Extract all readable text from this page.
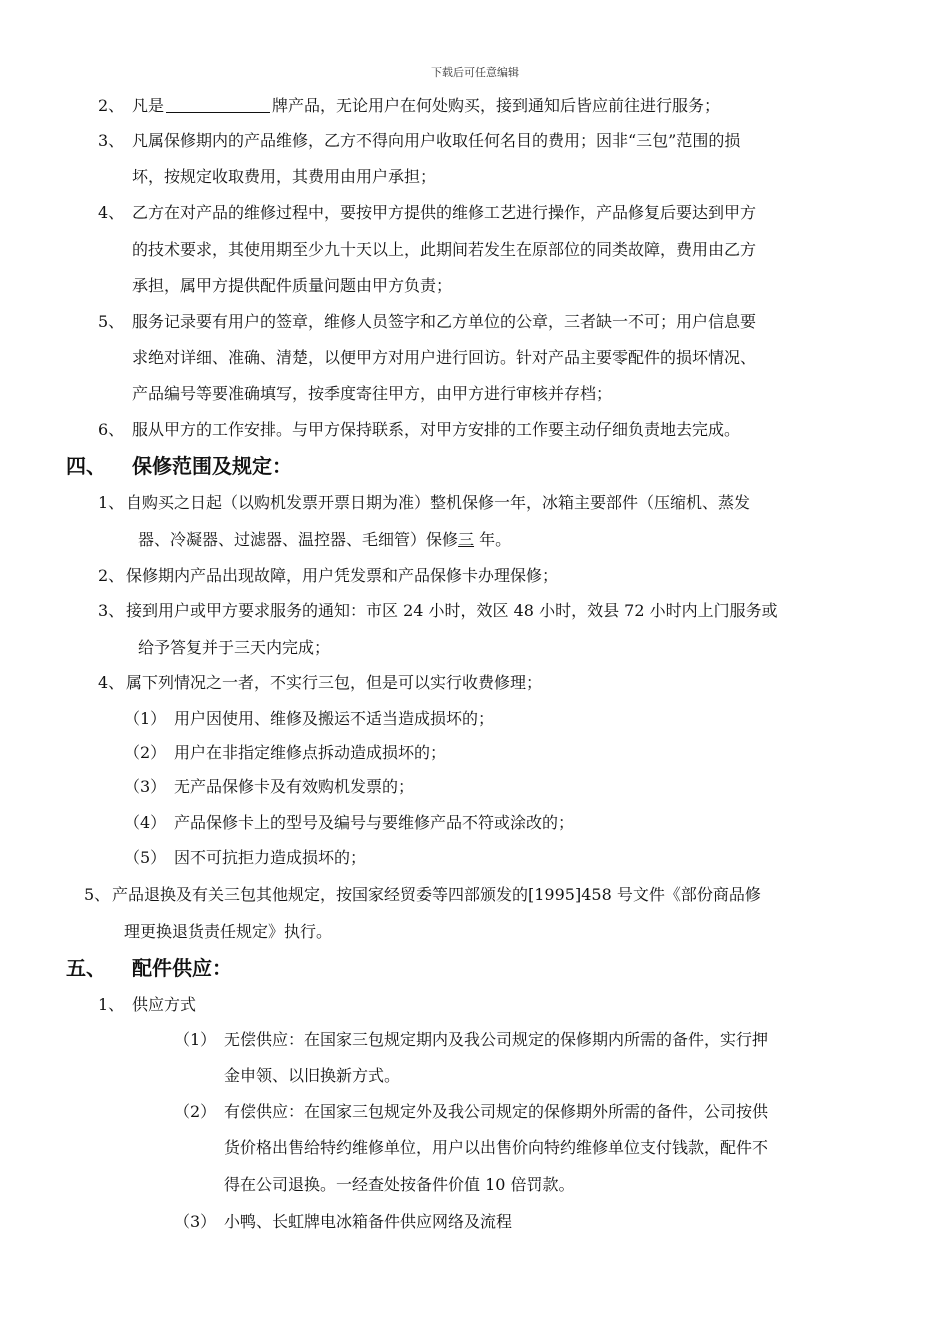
下载后可任意编辑
2、 凡是	牌产品，无论用户在何处购买，接到通知后皆应前往进行服务；
3、 凡属保修期内的产品维修，乙方不得向用户收取任何名目的费用；因非“三包”范围的损
坏，按规定收取费用，其费用由用户承担；
4、 乙方在对产品的维修过程中，要按甲方提供的维修工艺进行操作，产品修复后要达到甲方
的技术要求，其使用期至少九十天以上，此期间若发生在原部位的同类故障，费用由乙方
承担，属甲方提供配件质量问题由甲方负责；
5、 服务记录要有用户的签章，维修人员签字和乙方单位的公章，三者缺一不可；用户信息要
求绝对详细、准确、清楚，以便甲方对用户进行回访。针对产品主要零配件的损坏情况、
产品编号等要准确填写，按季度寄往甲方，由甲方进行审核并存档；
6、 服从甲方的工作安排。与甲方保持联系，对甲方安排的工作要主动仔细负责地去完成。
四、 保修范围及规定：
1、 自购买之日起（以购机发票开票日期为准）整机保修一年，冰箱主要部件（压缩机、蒸发
器、冷凝器、过滤器、温控器、毛细管）保修三 年。
2、 保修期内产品出现故障，用户凭发票和产品保修卡办理保修；
3、 接到用户或甲方要求服务的通知：市区 24 小时，效区 48 小时，效县 72 小时内上门服务或
给予答复并于三天内完成；
4、 属下列情况之一者，不实行三包，但是可以实行收费修理；
（1） 用户因使用、维修及搬运不适当造成损坏的；
（2） 用户在非指定维修点拆动造成损坏的；
（3） 无产品保修卡及有效购机发票的；
（4） 产品保修卡上的型号及编号与要维修产品不符或涂改的；
（5） 因不可抗拒力造成损坏的；
5、 产品退换及有关三包其他规定，按国家经贸委等四部颁发的[1995]458 号文件《部份商品修
理更换退货责任规定》执行。
五、 配件供应：
1、 供应方式
（1） 无偿供应：在国家三包规定期内及我公司规定的保修期内所需的备件，实行押
金申领、以旧换新方式。
（2） 有偿供应：在国家三包规定外及我公司规定的保修期外所需的备件，公司按供
货价格出售给特约维修单位，用户以出售价向特约维修单位支付钱款，配件不
得在公司退换。一经查处按备件价值 10 倍罚款。
（3） 小鸭、长虹牌电冰箱备件供应网络及流程
